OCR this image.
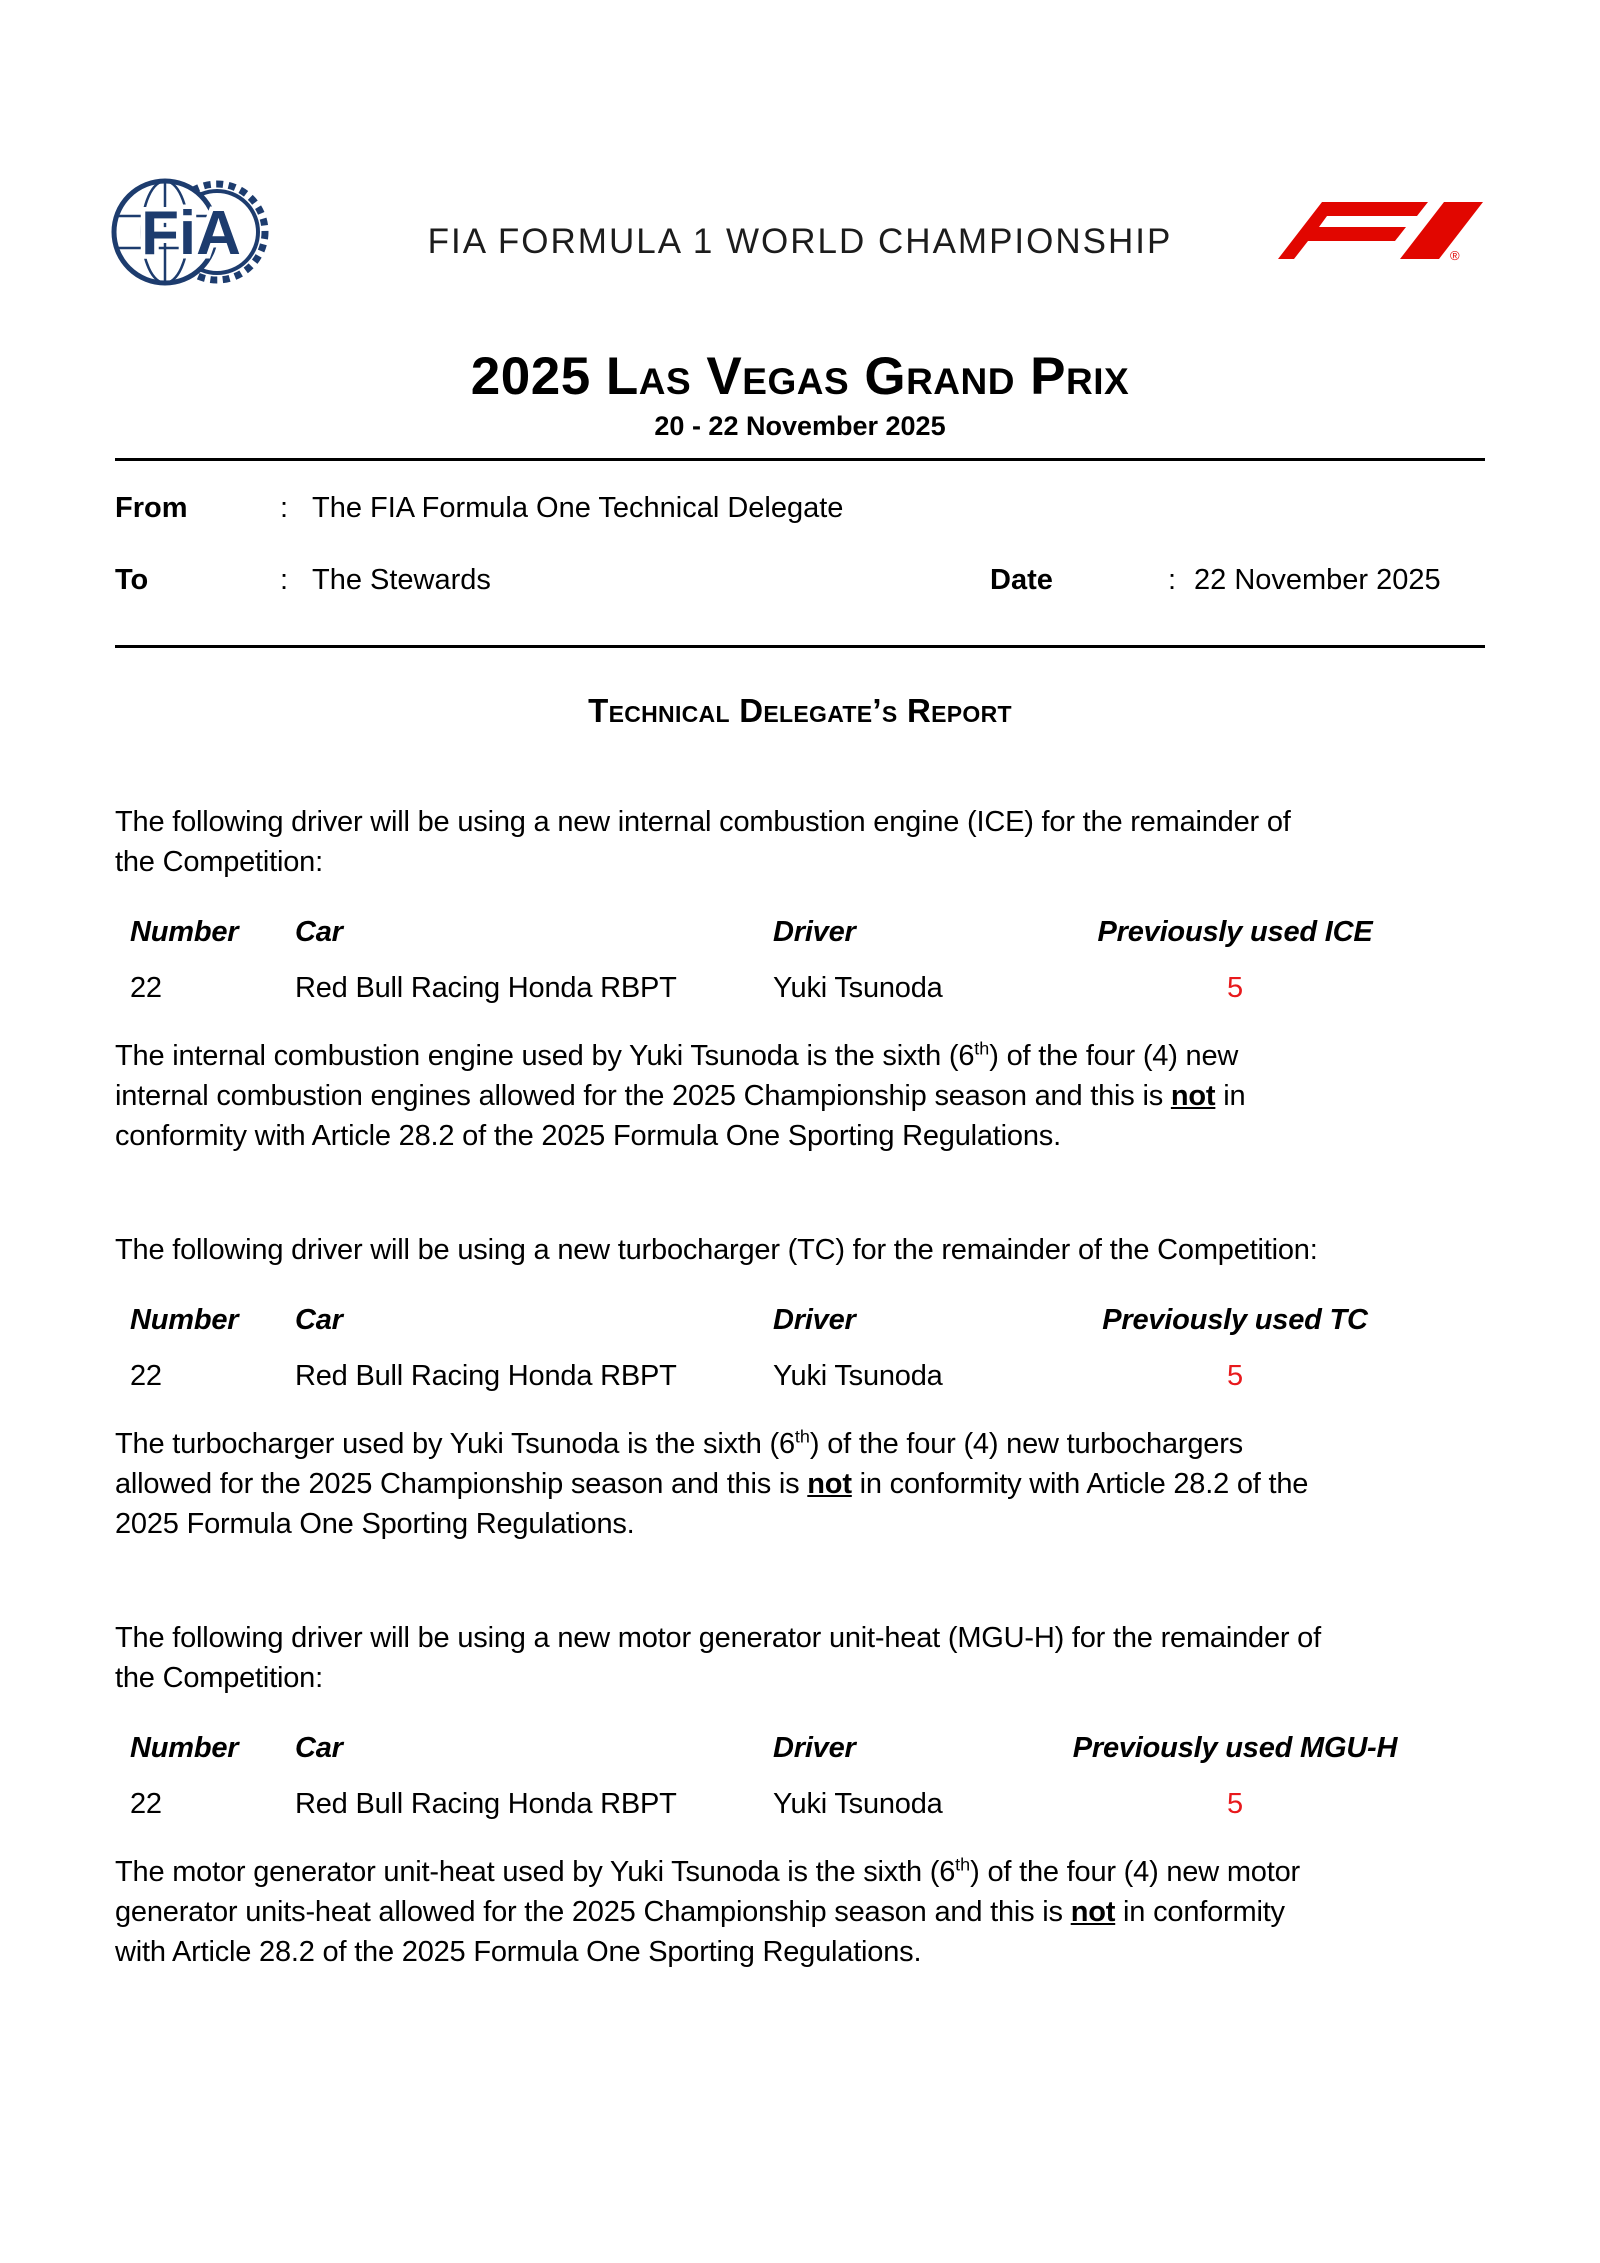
FiA	FIA FORMULA 1 WORLD CHAMPIONSHIP	®
2025 Las Vegas Grand Prix
20 - 22 November 2025
From	: The FIA Formula One Technical Delegate
To	: The Stewards	Date	: 22 November 2025
Technical Delegate’s Report

The following driver will be using a new internal combustion engine (ICE) for the remainder of
the Competition:

Number	Car	Driver	Previously used ICE
22	Red Bull Racing Honda RBPT	Yuki Tsunoda	5

The internal combustion engine used by Yuki Tsunoda is the sixth (6th) of the four (4) new
internal combustion engines allowed for the 2025 Championship season and this is not in
conformity with Article 28.2 of the 2025 Formula One Sporting Regulations.

The following driver will be using a new turbocharger (TC) for the remainder of the Competition:

Number	Car	Driver	Previously used TC
22	Red Bull Racing Honda RBPT	Yuki Tsunoda	5

The turbocharger used by Yuki Tsunoda is the sixth (6th) of the four (4) new turbochargers
allowed for the 2025 Championship season and this is not in conformity with Article 28.2 of the
2025 Formula One Sporting Regulations.

The following driver will be using a new motor generator unit-heat (MGU-H) for the remainder of
the Competition:

Number	Car	Driver	Previously used MGU-H
22	Red Bull Racing Honda RBPT	Yuki Tsunoda	5

The motor generator unit-heat used by Yuki Tsunoda is the sixth (6th) of the four (4) new motor
generator units-heat allowed for the 2025 Championship season and this is not in conformity
with Article 28.2 of the 2025 Formula One Sporting Regulations.
